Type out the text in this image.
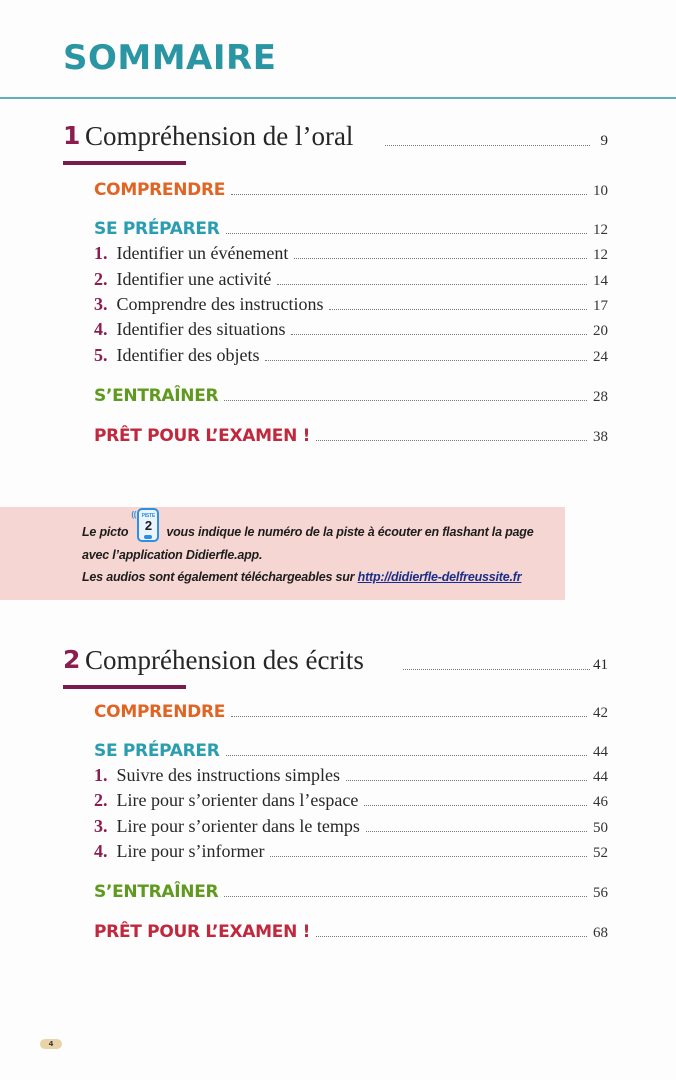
SOMMAIRE
1 Compréhension de l’oral	9
COMPRENDRE	10
SE PRÉPARER	12
1. Identifier un événement	12
2. Identifier une activité	14
3. Comprendre des instructions	17
4. Identifier des situations	20
5. Identifier des objets	24
S’ENTRAÎNER	28
PRÊT POUR L’EXAMEN !	38
Le picto
((	PISTE
2	vous indique le numéro de la piste à écouter en flashant la page
avec l’application Didierfle.app.
Les audios sont également téléchargeables sur http://didierfle-delfreussite.fr
2 Compréhension des écrits	41
COMPRENDRE	42
SE PRÉPARER	44
1. Suivre des instructions simples	44
2. Lire pour s’orienter dans l’espace	46
3. Lire pour s’orienter dans le temps	50
4. Lire pour s’informer	52
S’ENTRAÎNER	56
PRÊT POUR L’EXAMEN !	68
4
